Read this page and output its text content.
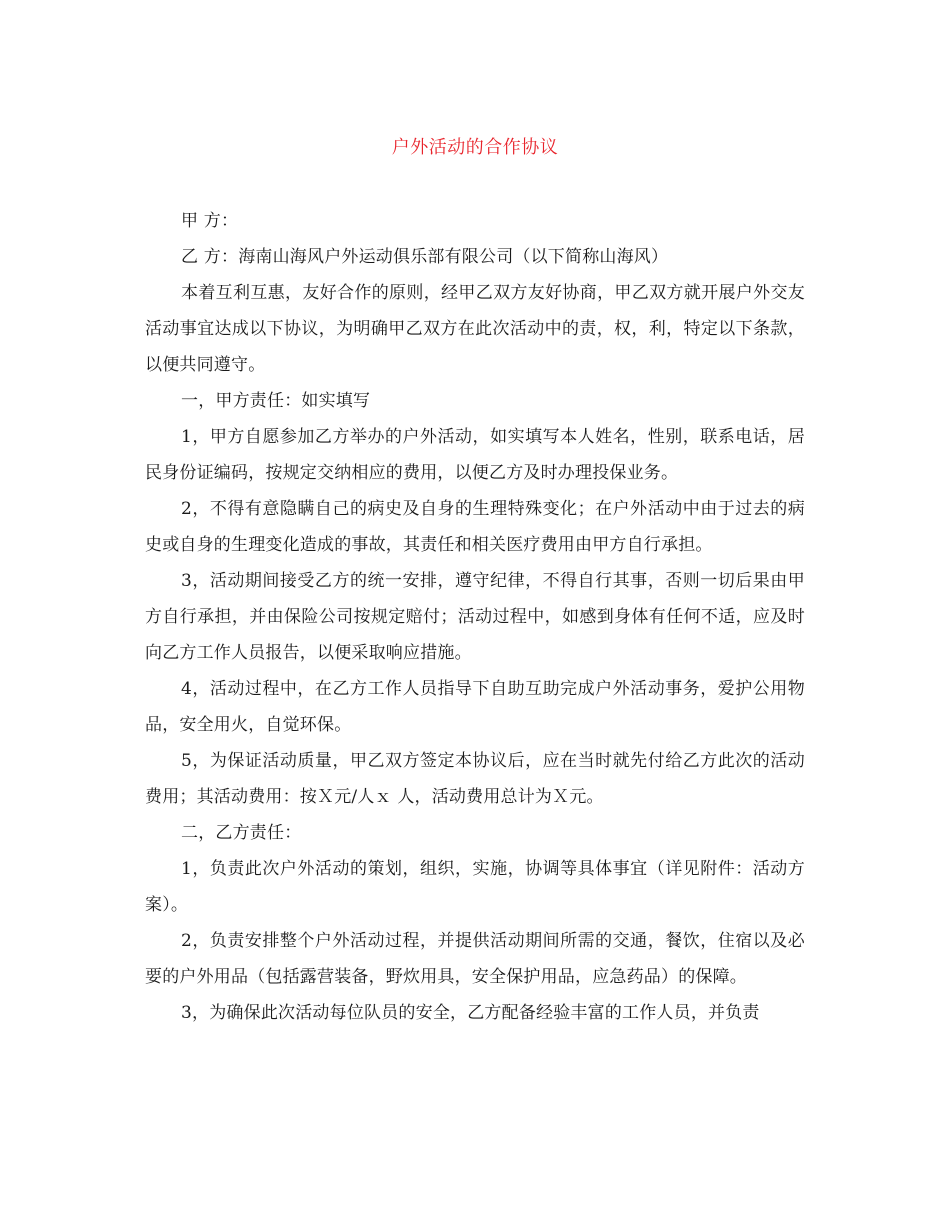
户外活动的合作协议

甲 方：

乙 方：海南山海风户外运动俱乐部有限公司（以下简称山海风）

本着互利互惠，友好合作的原则，经甲乙双方友好协商，甲乙双方就开展户外交友活动事宜达成以下协议，为明确甲乙双方在此次活动中的责，权，利，特定以下条款，以便共同遵守。

一，甲方责任：如实填写

1，甲方自愿参加乙方举办的户外活动，如实填写本人姓名，性别，联系电话，居民身份证编码，按规定交纳相应的费用，以便乙方及时办理投保业务。

2，不得有意隐瞒自己的病史及自身的生理特殊变化；在户外活动中由于过去的病史或自身的生理变化造成的事故，其责任和相关医疗费用由甲方自行承担。

3，活动期间接受乙方的统一安排，遵守纪律，不得自行其事，否则一切后果由甲方自行承担，并由保险公司按规定赔付；活动过程中，如感到身体有任何不适，应及时向乙方工作人员报告，以便采取响应措施。

4，活动过程中，在乙方工作人员指导下自助互助完成户外活动事务，爱护公用物品，安全用火，自觉环保。

5，为保证活动质量，甲乙双方签定本协议后，应在当时就先付给乙方此次的活动费用；其活动费用：按Ｘ元/人ｘ 人，活动费用总计为Ｘ元。

二，乙方责任：

1，负责此次户外活动的策划，组织，实施，协调等具体事宜（详见附件：活动方案）。

2，负责安排整个户外活动过程，并提供活动期间所需的交通，餐饮，住宿以及必要的户外用品（包括露营装备，野炊用具，安全保护用品，应急药品）的保障。

3，为确保此次活动每位队员的安全，乙方配备经验丰富的工作人员，并负责
